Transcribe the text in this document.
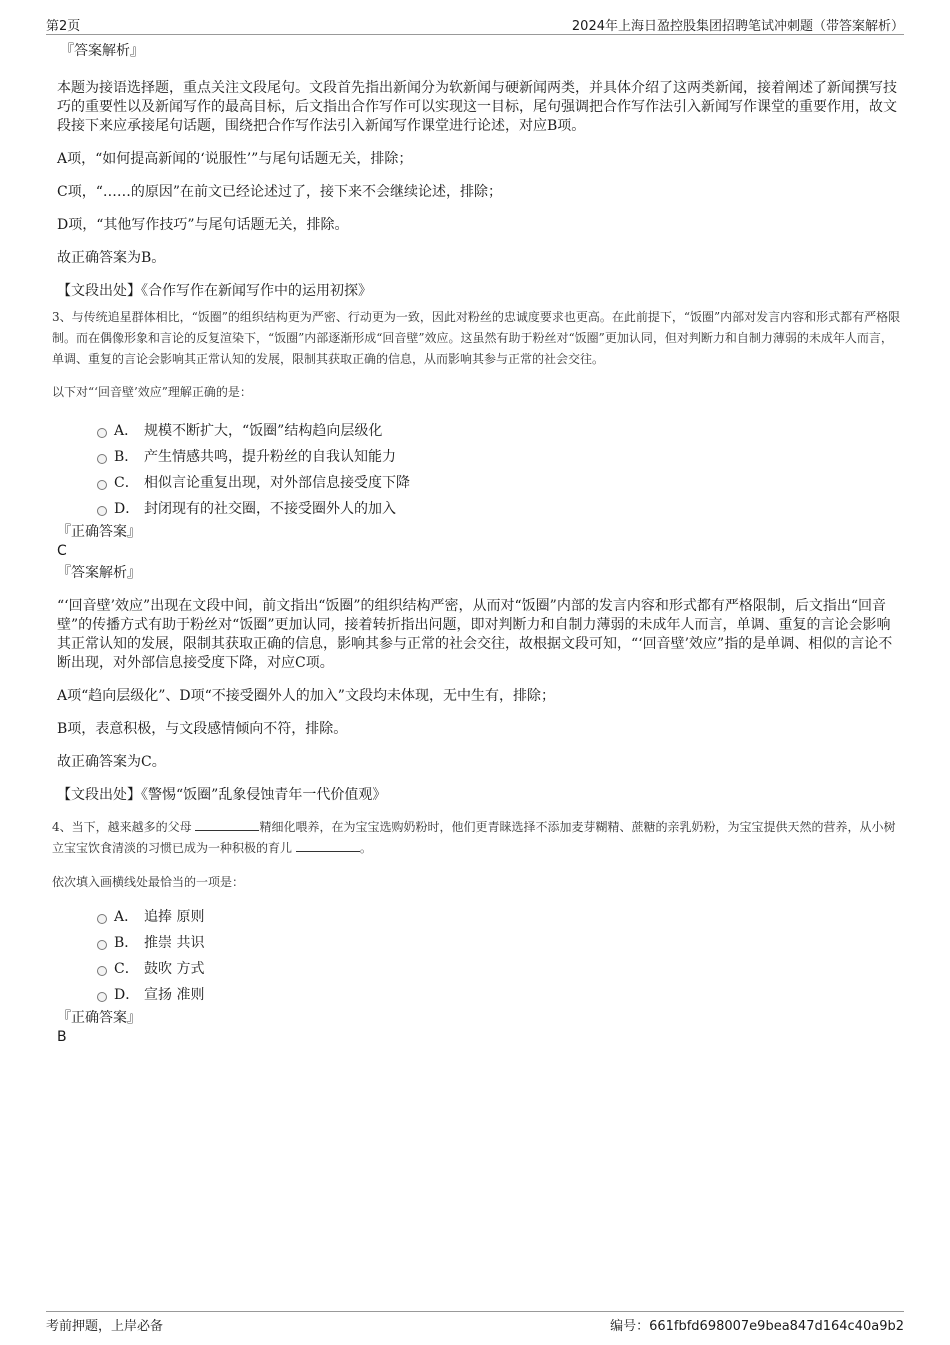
第2页	2024年上海日盈控股集团招聘笔试冲刺题（带答案解析）

『答案解析』

本题为接语选择题，重点关注文段尾句。文段首先指出新闻分为软新闻与硬新闻两类，并具体介绍了这两类新闻，接着阐述了新闻撰写技巧的重要性以及新闻写作的最高目标，后文指出合作写作可以实现这一目标，尾句强调把合作写作法引入新闻写作课堂的重要作用，故文段接下来应承接尾句话题，围绕把合作写作法引入新闻写作课堂进行论述，对应B项。

A项，“如何提高新闻的‘说服性’”与尾句话题无关，排除；

C项，“……的原因”在前文已经论述过了，接下来不会继续论述，排除；

D项，“其他写作技巧”与尾句话题无关，排除。

故正确答案为B。

【文段出处】《合作写作在新闻写作中的运用初探》

3、与传统追星群体相比，“饭圈”的组织结构更为严密、行动更为一致，因此对粉丝的忠诚度要求也更高。在此前提下，“饭圈”内部对发言内容和形式都有严格限制。而在偶像形象和言论的反复渲染下，“饭圈”内部逐渐形成“回音壁”效应。这虽然有助于粉丝对“饭圈”更加认同，但对判断力和自制力薄弱的未成年人而言，单调、重复的言论会影响其正常认知的发展，限制其获取正确的信息，从而影响其参与正常的社会交往。

以下对“‘回音壁’效应”理解正确的是：

A． 规模不断扩大，“饭圈”结构趋向层级化
B． 产生情感共鸣，提升粉丝的自我认知能力
C． 相似言论重复出现，对外部信息接受度下降
D． 封闭现有的社交圈，不接受圈外人的加入

『正确答案』

C

『答案解析』

“‘回音壁’效应”出现在文段中间，前文指出“饭圈”的组织结构严密，从而对“饭圈”内部的发言内容和形式都有严格限制，后文指出“回音壁”的传播方式有助于粉丝对“饭圈”更加认同，接着转折指出问题，即对判断力和自制力薄弱的未成年人而言，单调、重复的言论会影响其正常认知的发展，限制其获取正确的信息，影响其参与正常的社会交往，故根据文段可知，“‘回音壁’效应”指的是单调、相似的言论不断出现，对外部信息接受度下降，对应C项。

A项“趋向层级化”、D项“不接受圈外人的加入”文段均未体现，无中生有，排除；

B项，表意积极，与文段感情倾向不符，排除。

故正确答案为C。

【文段出处】《警惕“饭圈”乱象侵蚀青年一代价值观》

4、当下，越来越多的父母	精细化喂养，在为宝宝选购奶粉时，他们更青睐选择不添加麦芽糊精、蔗糖的亲乳奶粉，为宝宝提供天然的营养，从小树立宝宝饮食清淡的习惯已成为一种积极的育儿	。

依次填入画横线处最恰当的一项是：

A． 追捧 原则
B． 推崇 共识
C． 鼓吹 方式
D． 宣扬 准则

『正确答案』

B

考前押题，上岸必备	编号：661fbfd698007e9bea847d164c40a9b2
